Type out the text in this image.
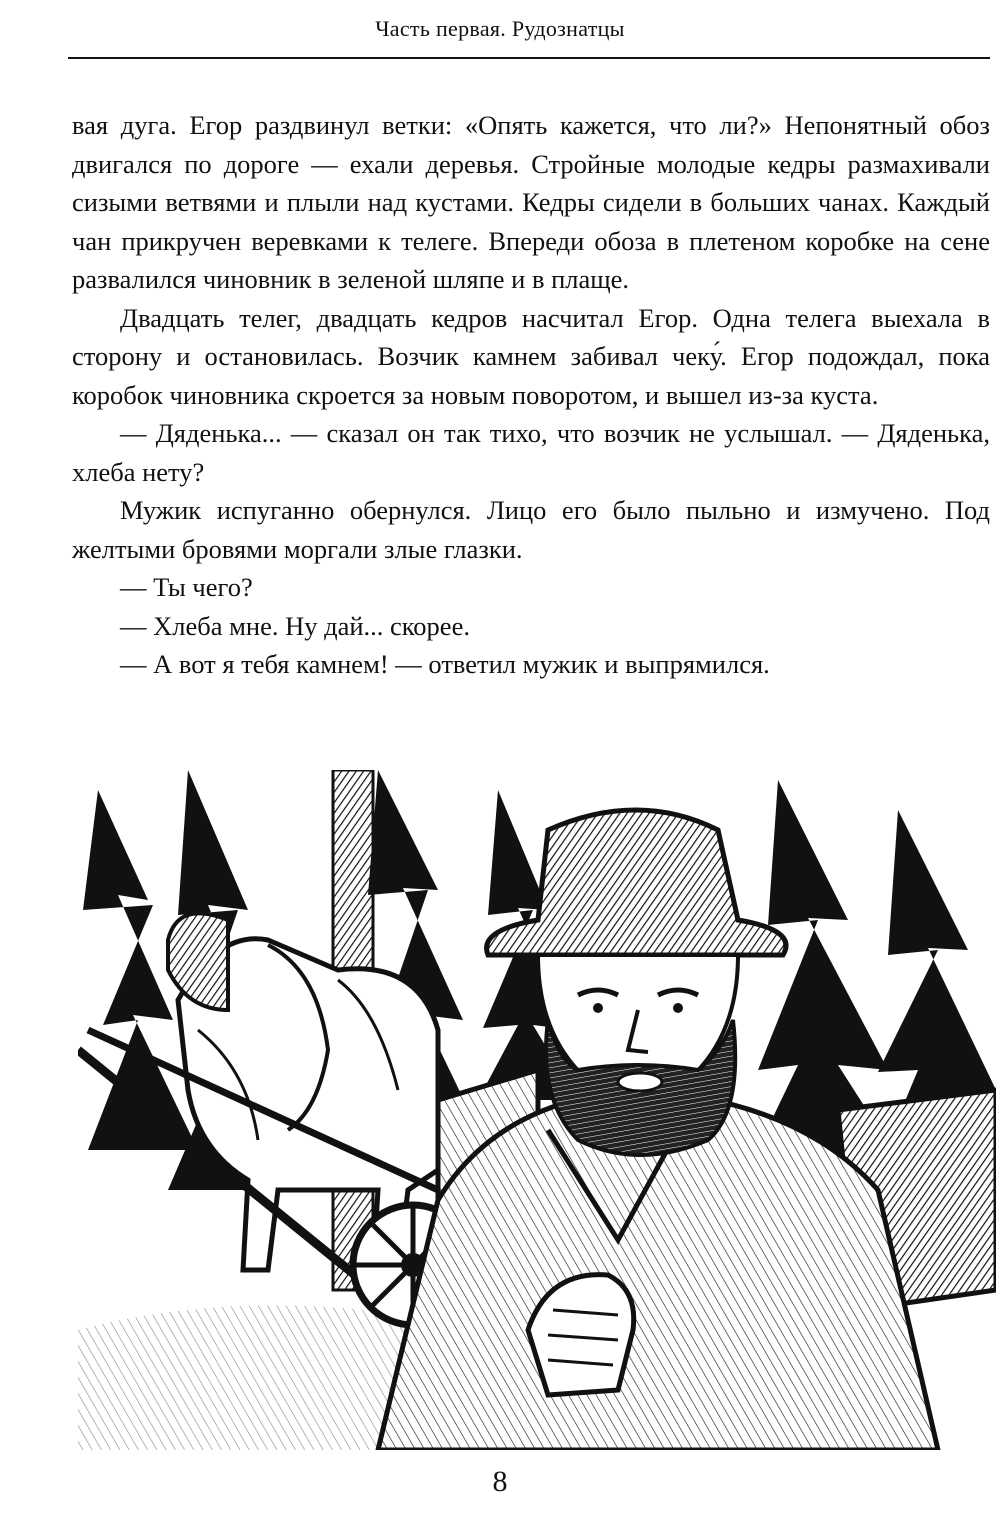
Часть первая. Рудознатцы

вая дуга. Егор раздвинул ветки: «Опять кажется, что ли?» Непонятный обоз двигался по дороге — ехали деревья. Стройные молодые кедры размахивали сизыми ветвями и плыли над кустами. Кедры сидели в больших чанах. Каждый чан прикручен веревками к телеге. Впереди обоза в плетеном коробке на сене развалился чиновник в зеленой шляпе и в плаще.

Двадцать телег, двадцать кедров насчитал Егор. Одна телега выехала в сторону и остановилась. Возчик камнем забивал чеку́. Егор подождал, пока коробок чиновника скроется за новым поворотом, и вышел из-за куста.

— Дяденька... — сказал он так тихо, что возчик не услышал. — Дяденька, хлеба нету?

Мужик испуганно обернулся. Лицо его было пыльно и измучено. Под желтыми бровями моргали злые глазки.

— Ты чего?

— Хлеба мне. Ну дай... скорее.

— А вот я тебя камнем! — ответил мужик и выпрямился.

8
